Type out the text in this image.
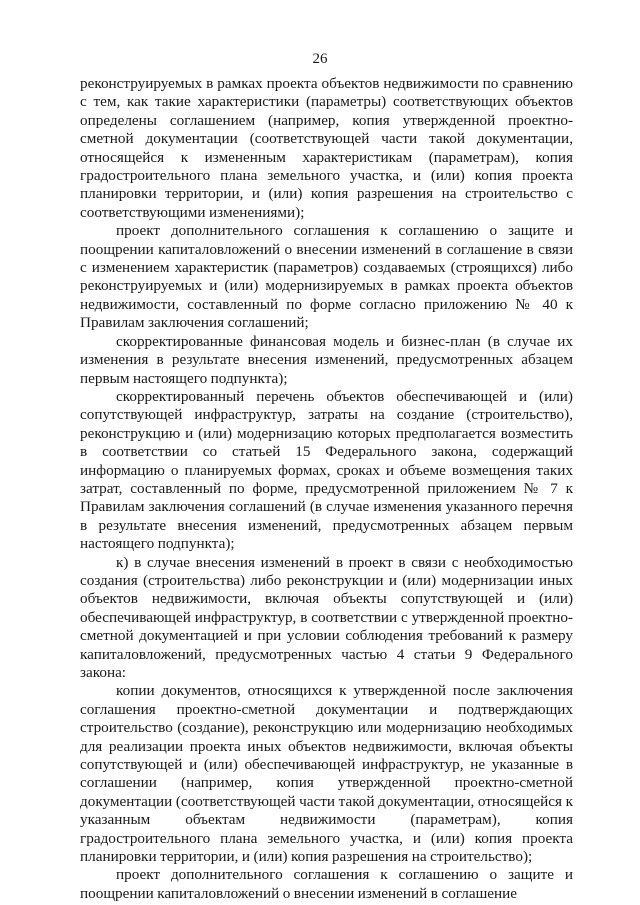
26

реконструируемых в рамках проекта объектов недвижимости по сравнению с тем, как такие характеристики (параметры) соответствующих объектов определены соглашением (например, копия утвержденной проектно-сметной документации (соответствующей части такой документации, относящейся к измененным характеристикам (параметрам), копия градостроительного плана земельного участка, и (или) копия проекта планировки территории, и (или) копия разрешения на строительство с соответствующими изменениями);

проект дополнительного соглашения к соглашению о защите и поощрении капиталовложений о внесении изменений в соглашение в связи с изменением характеристик (параметров) создаваемых (строящихся) либо реконструируемых и (или) модернизируемых в рамках проекта объектов недвижимости, составленный по форме согласно приложению № 40 к Правилам заключения соглашений;

скорректированные финансовая модель и бизнес-план (в случае их изменения в результате внесения изменений, предусмотренных абзацем первым настоящего подпункта);

скорректированный перечень объектов обеспечивающей и (или) сопутствующей инфраструктур, затраты на создание (строительство), реконструкцию и (или) модернизацию которых предполагается возместить в соответствии со статьей 15 Федерального закона, содержащий информацию о планируемых формах, сроках и объеме возмещения таких затрат, составленный по форме, предусмотренной приложением № 7 к Правилам заключения соглашений (в случае изменения указанного перечня в результате внесения изменений, предусмотренных абзацем первым настоящего подпункта);

к) в случае внесения изменений в проект в связи с необходимостью создания (строительства) либо реконструкции и (или) модернизации иных объектов недвижимости, включая объекты сопутствующей и (или) обеспечивающей инфраструктур, в соответствии с утвержденной проектно-сметной документацией и при условии соблюдения требований к размеру капиталовложений, предусмотренных частью 4 статьи 9 Федерального закона:

копии документов, относящихся к утвержденной после заключения соглашения проектно-сметной документации и подтверждающих строительство (создание), реконструкцию или модернизацию необходимых для реализации проекта иных объектов недвижимости, включая объекты сопутствующей и (или) обеспечивающей инфраструктур, не указанные в соглашении (например, копия утвержденной проектно-сметной документации (соответствующей части такой документации, относящейся к указанным объектам недвижимости (параметрам), копия градостроительного плана земельного участка, и (или) копия проекта планировки территории, и (или) копия разрешения на строительство);

проект дополнительного соглашения к соглашению о защите и поощрении капиталовложений о внесении изменений в соглашение
